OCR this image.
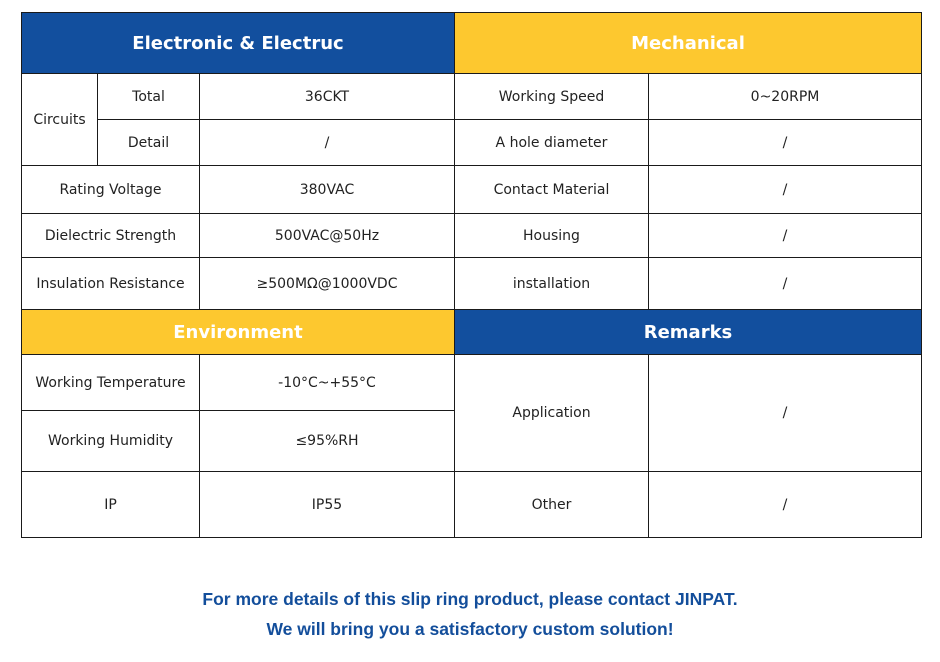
Electronic & Electruc			Mechanical	
Circuits	Total	36CKT	Working Speed	0~20RPM
	Detail	/	A hole diameter	/
Rating Voltage		380VAC	Contact Material	/
Dielectric Strength		500VAC@50Hz	Housing	/
Insulation Resistance		≥500MΩ@1000VDC	installation	/
Environment			Remarks	
Working Temperature		-10°C~+55°C	Application	/
Working Humidity		≤95%RH		
IP		IP55	Other	/
For more details of this slip ring product, please contact JINPAT.
We will bring you a satisfactory custom solution!
